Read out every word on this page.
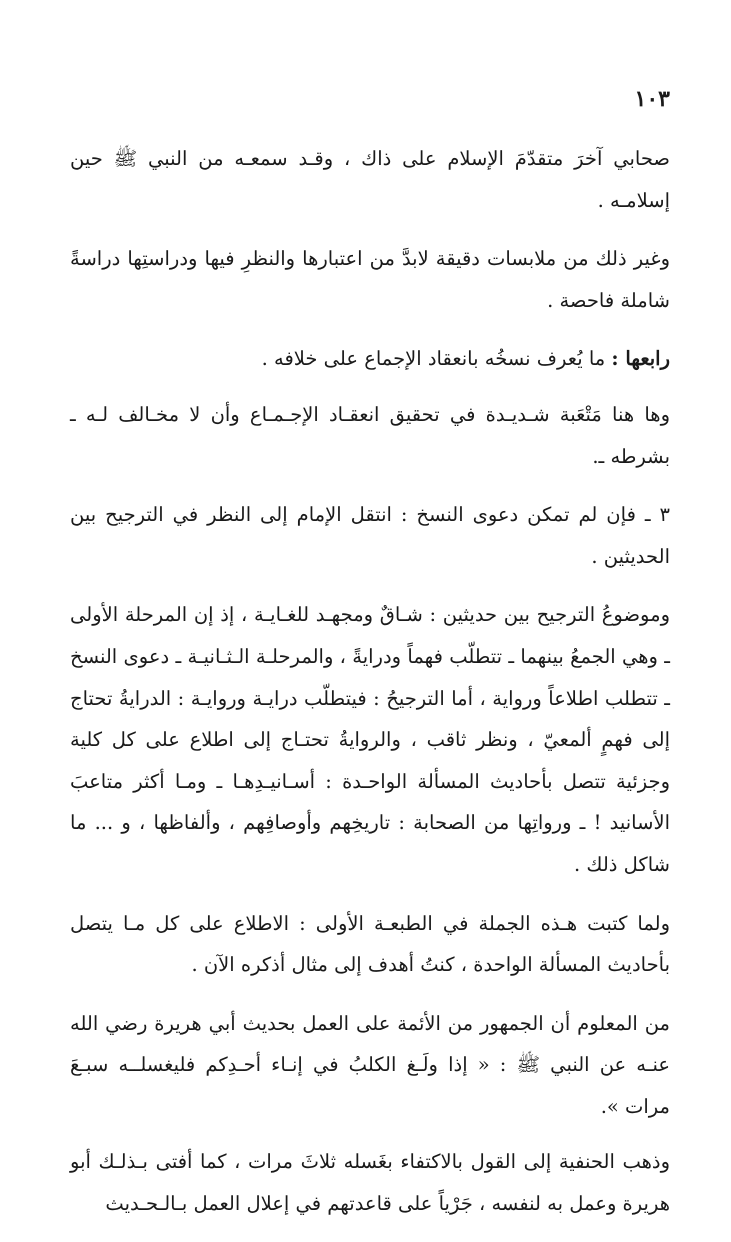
١٠٣

صحابي آخرَ متقدّمَ الإسلام على ذاك ، وقـد سمعـه من النبي ﷺ حين إسلامـه .

وغير ذلك من ملابسات دقيقة لابدَّ من اعتبارها والنظرِ فيها ودراستِها دراسةً شاملة فاحصة .

رابعها : ما يُعرف نسخُه بانعقاد الإجماع على خلافه .

وها هنا مَتْعَبة شـديـدة في تحقيق انعقـاد الإجـمـاع وأن لا مخـالف لـه ـ بشرطه ـ.

٣ ـ فإن لم تمكن دعوى النسخ : انتقل الإمام إلى النظر في الترجيح بين الحديثين .

وموضوعُ الترجيح بين حديثين : شـاقٌ ومجهـد للغـايـة ، إذ إن المرحلة الأولى ـ وهي الجمعُ بينهما ـ تتطلّب فهماً ودرايةً ، والمرحلـة الـثـانيـة ـ دعوى النسخ ـ تتطلب اطلاعاً ورواية ، أما الترجيحُ : فيتطلّب درايـة وروايـة : الدرايةُ تحتاج إلى فهمٍ ألمعيّ ، ونظر ثاقب ، والروايةُ تحتـاج إلى اطلاع على كل كلية وجزئية تتصل بأحاديث المسألة الواحـدة : أسـانيـدِهـا ـ ومـا أكثر متاعبَ الأسانيد ! ـ ورواتِها من الصحابة : تاريخِهم وأوصافِهم ، وألفاظها ، و ... ما شاكل ذلك .

ولما كتبت هـذه الجملة في الطبعـة الأولى : الاطلاع على كل مـا يتصل بأحاديث المسألة الواحدة ، كنتُ أهدف إلى مثال أذكره الآن .

من المعلوم أن الجمهور من الأئمة على العمل بحديث أبي هريرة رضي الله عنـه عن النبي ﷺ : « إذا ولَـغ الكلبُ في إنـاء أحـدِكم فليغسلــه سبـعَ مرات ».

وذهب الحنفية إلى القول بالاكتفاء بغَسله ثلاثَ مرات ، كما أفتى بـذلـك أبو هريرة وعمل به لنفسه ، جَرْياً على قاعدتهم في إعلال العمل بـالـحـديث
